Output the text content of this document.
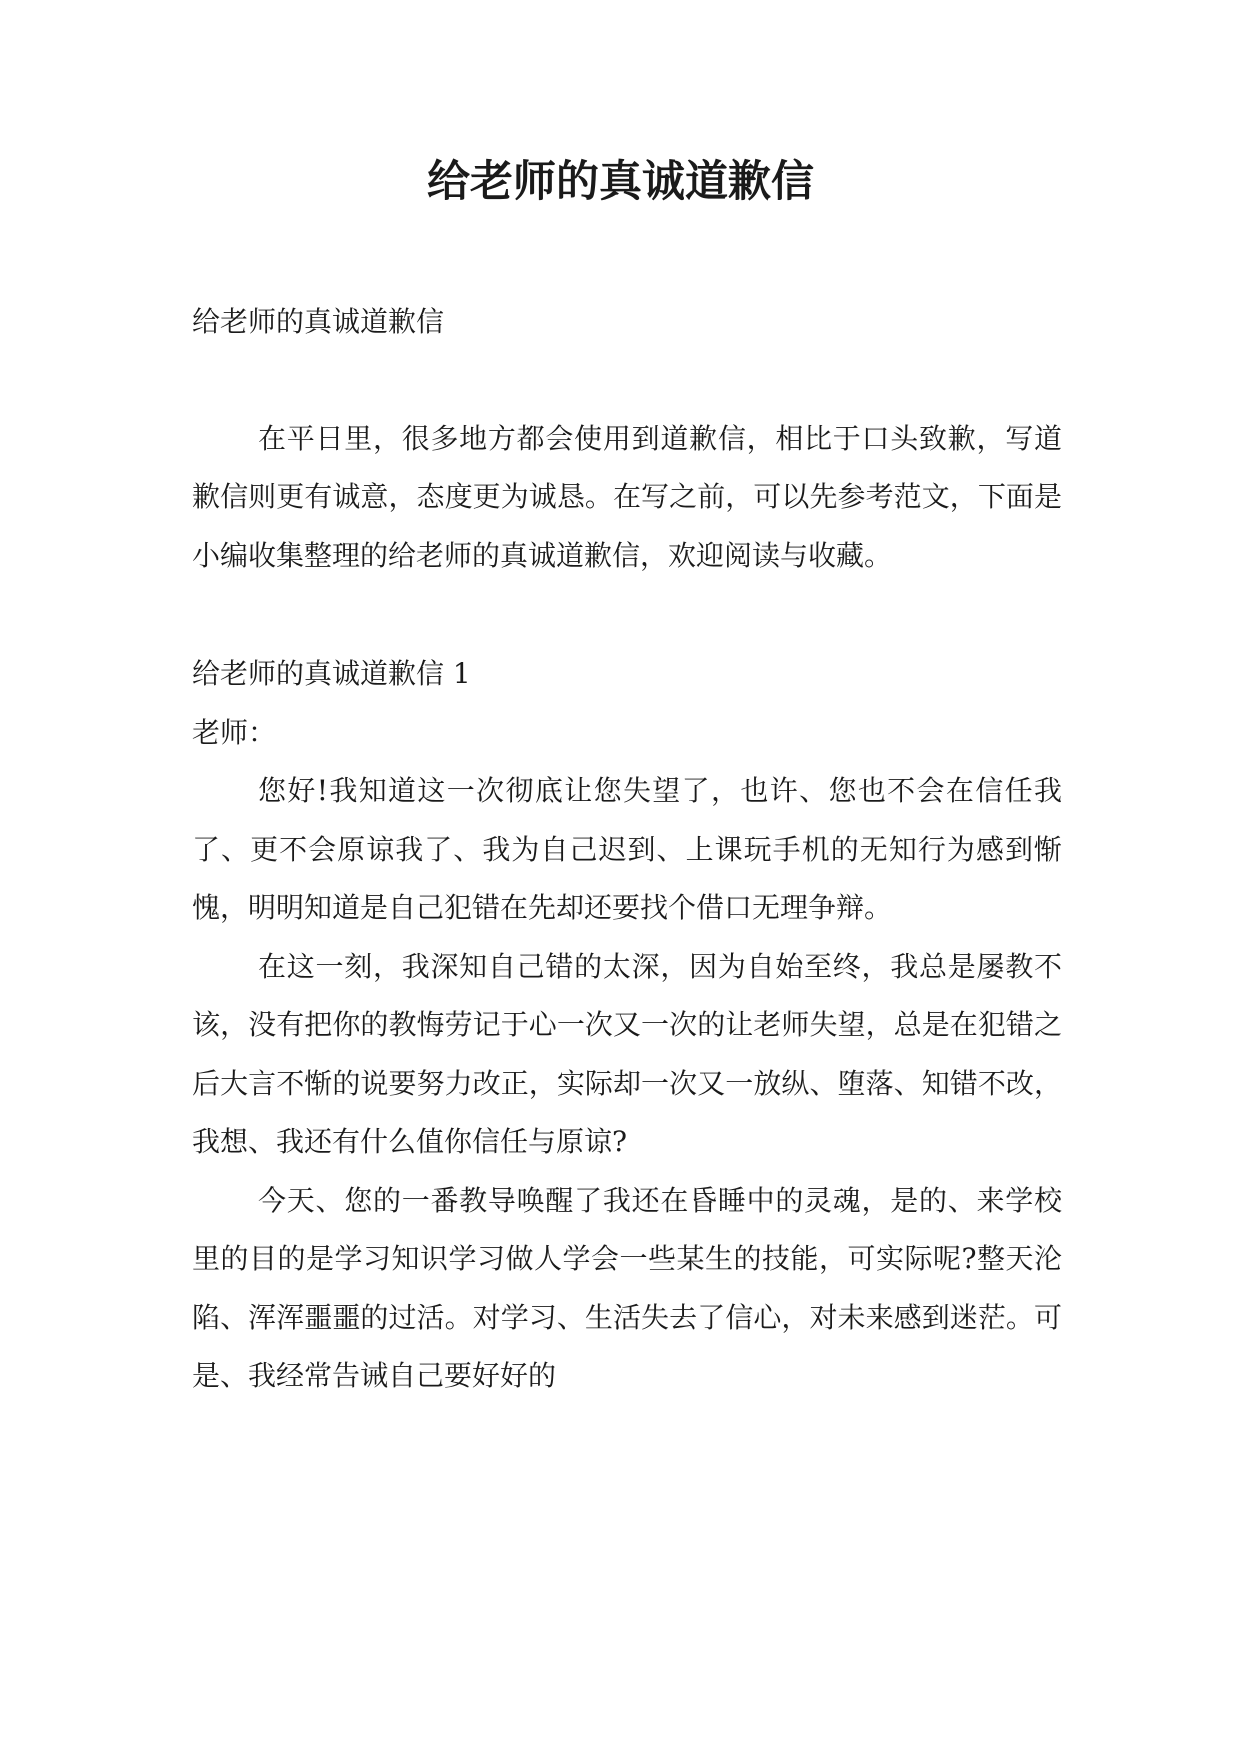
给老师的真诚道歉信

给老师的真诚道歉信

在平日里，很多地方都会使用到道歉信，相比于口头致歉，写道歉信则更有诚意，态度更为诚恳。在写之前，可以先参考范文，下面是小编收集整理的给老师的真诚道歉信，欢迎阅读与收藏。

给老师的真诚道歉信 1

老师：

您好!我知道这一次彻底让您失望了，也许、您也不会在信任我了、更不会原谅我了、我为自己迟到、上课玩手机的无知行为感到惭愧，明明知道是自己犯错在先却还要找个借口无理争辩。

在这一刻，我深知自己错的太深，因为自始至终，我总是屡教不该，没有把你的教悔劳记于心一次又一次的让老师失望，总是在犯错之后大言不惭的说要努力改正，实际却一次又一放纵、堕落、知错不改，我想、我还有什么值你信任与原谅?

今天、您的一番教导唤醒了我还在昏睡中的灵魂，是的、来学校里的目的是学习知识学习做人学会一些某生的技能，可实际呢?整天沦陷、浑浑噩噩的过活。对学习、生活失去了信心，对未来感到迷茫。可是、我经常告诫自己要好好的
